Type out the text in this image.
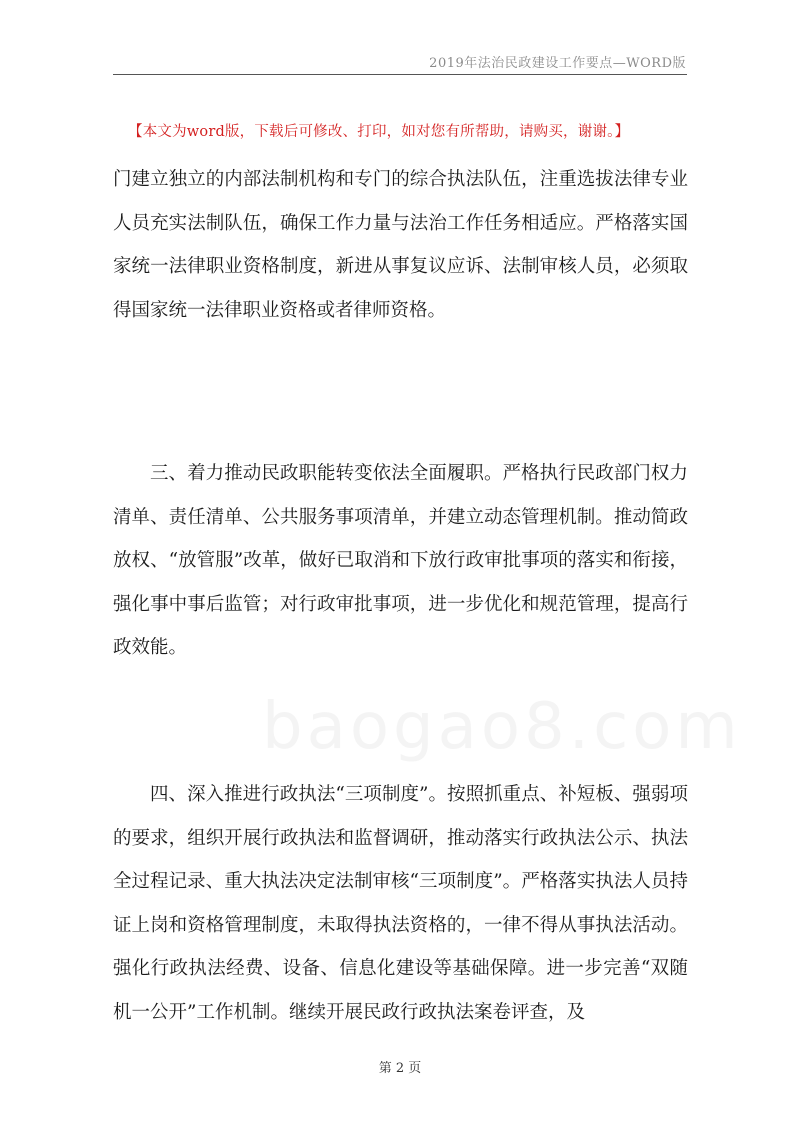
2019年法治民政建设工作要点—WORD版
【本文为word版，下载后可修改、打印，如对您有所帮助，请购买，谢谢。】
baogao8.com

门建立独立的内部法制机构和专门的综合执法队伍，注重选拔法律专业人员充实法制队伍，确保工作力量与法治工作任务相适应。严格落实国家统一法律职业资格制度，新进从事复议应诉、法制审核人员，必须取得国家统一法律职业资格或者律师资格。

三、着力推动民政职能转变依法全面履职。严格执行民政部门权力清单、责任清单、公共服务事项清单，并建立动态管理机制。推动简政放权、“放管服”改革，做好已取消和下放行政审批事项的落实和衔接，强化事中事后监管；对行政审批事项，进一步优化和规范管理，提高行政效能。

四、深入推进行政执法“三项制度”。按照抓重点、补短板、强弱项的要求，组织开展行政执法和监督调研，推动落实行政执法公示、执法全过程记录、重大执法决定法制审核“三项制度”。严格落实执法人员持证上岗和资格管理制度，未取得执法资格的，一律不得从事执法活动。强化行政执法经费、设备、信息化建设等基础保障。进一步完善“双随机一公开”工作机制。继续开展民政行政执法案卷评查，及

第 2 页
